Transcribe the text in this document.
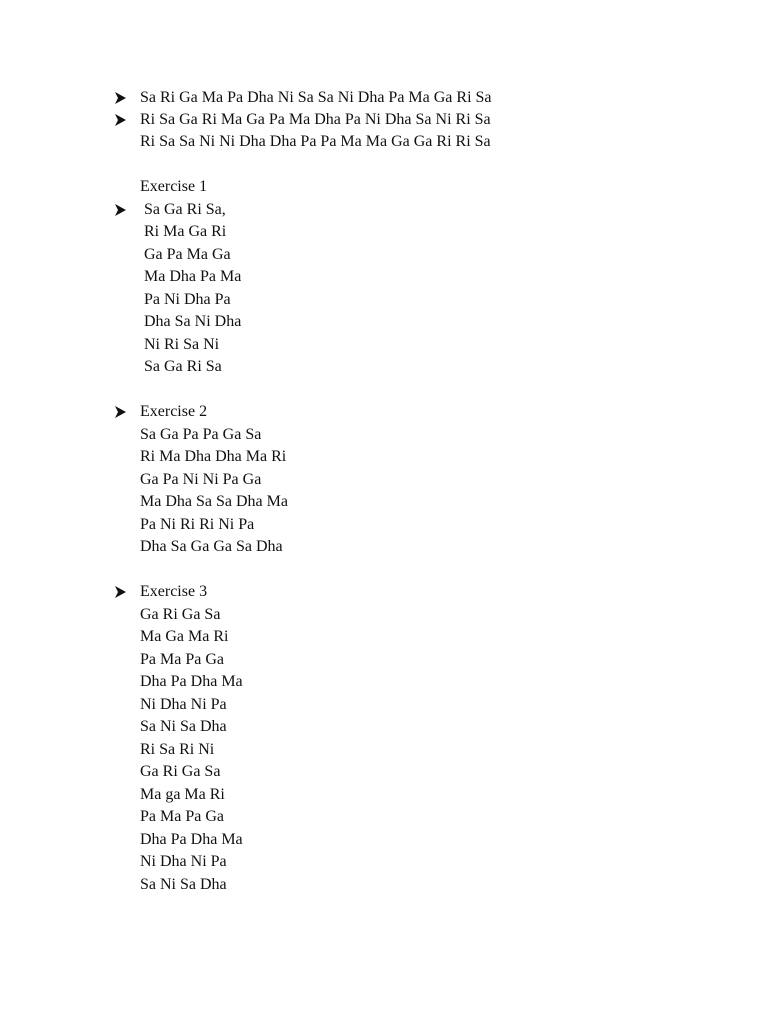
Sa Ri Ga Ma Pa Dha Ni Sa Sa Ni Dha Pa Ma Ga Ri Sa
Ri Sa Ga Ri Ma Ga Pa Ma Dha Pa Ni Dha Sa Ni Ri Sa
Ri Sa Sa Ni Ni Dha Dha Pa Pa Ma Ma Ga Ga Ri Ri Sa
Exercise 1
Sa Ga Ri Sa,
Ri Ma Ga Ri
Ga Pa Ma Ga
Ma Dha Pa Ma
Pa Ni Dha Pa
Dha Sa Ni Dha
Ni Ri Sa Ni
Sa Ga Ri Sa
Exercise 2
Sa Ga Pa Pa Ga Sa
Ri Ma Dha Dha Ma Ri
Ga Pa Ni Ni Pa Ga
Ma Dha Sa Sa Dha Ma
Pa Ni Ri Ri Ni Pa
Dha Sa Ga Ga Sa Dha
Exercise 3
Ga Ri Ga Sa
Ma Ga Ma Ri
Pa Ma Pa Ga
Dha Pa Dha Ma
Ni Dha Ni Pa
Sa Ni Sa Dha
Ri Sa Ri Ni
Ga Ri Ga Sa
Ma ga Ma Ri
Pa Ma Pa Ga
Dha Pa Dha Ma
Ni Dha Ni Pa
Sa Ni Sa Dha
